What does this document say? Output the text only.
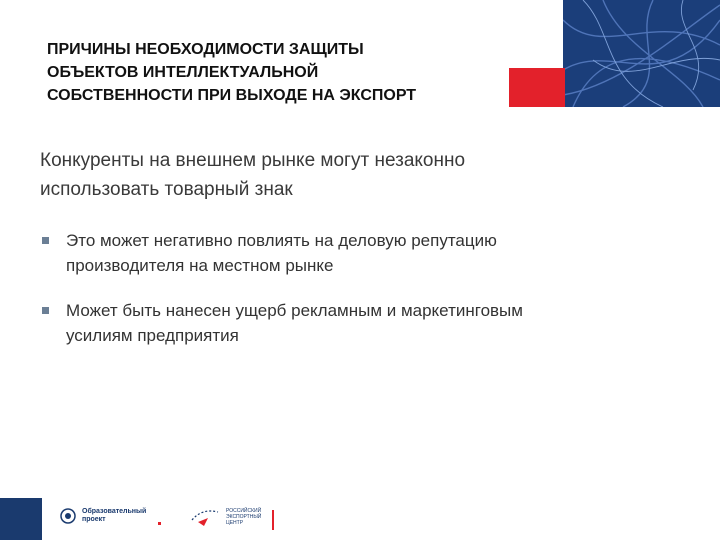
ПРИЧИНЫ НЕОБХОДИМОСТИ ЗАЩИТЫ
ОБЪЕКТОВ ИНТЕЛЛЕКТУАЛЬНОЙ
СОБСТВЕННОСТИ ПРИ ВЫХОДЕ НА ЭКСПОРТ
Конкуренты на внешнем рынке могут незаконно
использовать товарный знак
Это может негативно повлиять на деловую репутацию
производителя на местном рынке
Может быть нанесен ущерб рекламным и маркетинговым
усилиям предприятия
Образовательный
проект
РОССИЙСКИЙ
ЭКСПОРТНЫЙ
ЦЕНТР
